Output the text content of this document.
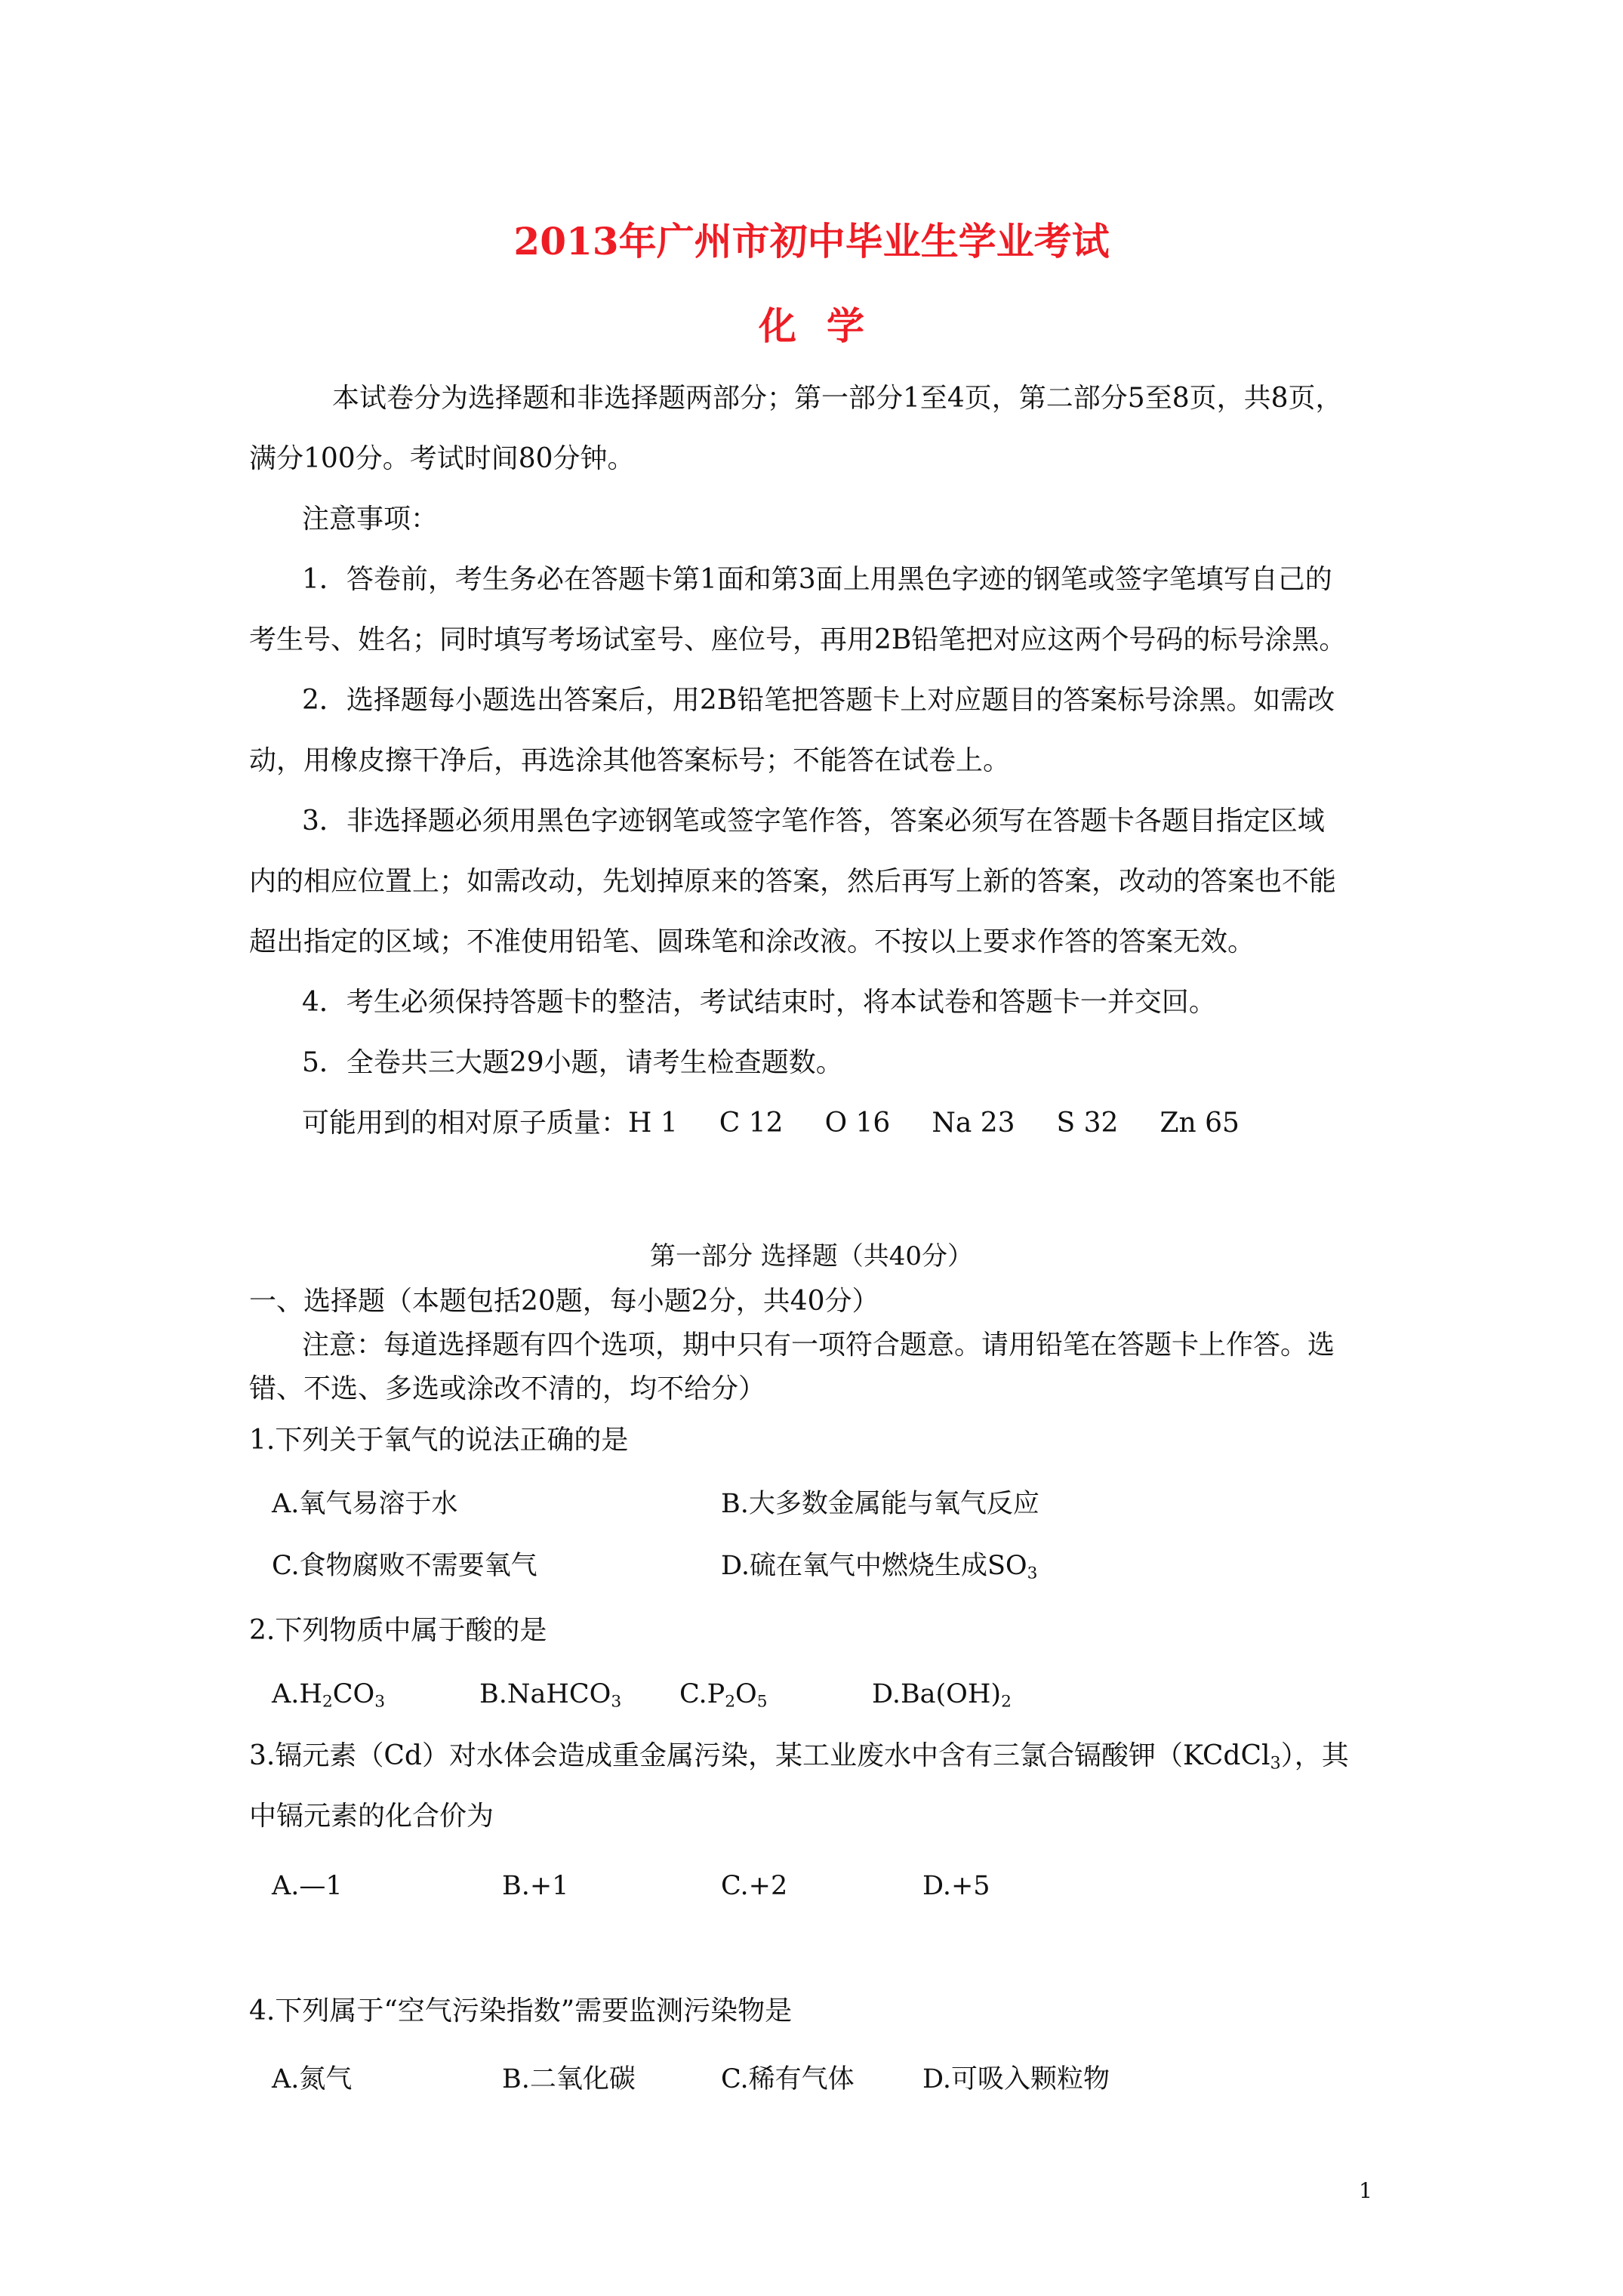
2013年广州市初中毕业生学业考试
化学
本试卷分为选择题和非选择题两部分；第一部分1至4页，第二部分5至8页，共8页，
满分100分。考试时间80分钟。
注意事项：
1．答卷前，考生务必在答题卡第1面和第3面上用黑色字迹的钢笔或签字笔填写自己的
考生号、姓名；同时填写考场试室号、座位号，再用2B铅笔把对应这两个号码的标号涂黑。
2．选择题每小题选出答案后，用2B铅笔把答题卡上对应题目的答案标号涂黑。如需改
动，用橡皮擦干净后，再选涂其他答案标号；不能答在试卷上。
3．非选择题必须用黑色字迹钢笔或签字笔作答，答案必须写在答题卡各题目指定区域
内的相应位置上；如需改动，先划掉原来的答案，然后再写上新的答案，改动的答案也不能
超出指定的区域；不准使用铅笔、圆珠笔和涂改液。不按以上要求作答的答案无效。
4．考生必须保持答题卡的整洁，考试结束时，将本试卷和答题卡一并交回。
5．全卷共三大题29小题，请考生检查题数。
可能用到的相对原子质量：H 1 C 12 O 16 Na 23 S 32 Zn 65
第一部分 选择题（共40分）
一、选择题（本题包括20题，每小题2分，共40分）
注意：每道选择题有四个选项，期中只有一项符合题意。请用铅笔在答题卡上作答。选
错、不选、多选或涂改不清的，均不给分）
1.下列关于氧气的说法正确的是
A.氧气易溶于水	B.大多数金属能与氧气反应
C.食物腐败不需要氧气	D.硫在氧气中燃烧生成$SO_3$
2.下列物质中属于酸的是
$A.H_2CO_3$	B.NaHCO$_3$ $C.P_2O_5$	$D.Ba(OH)_2$
3.镉元素（Cd）对水体会造成重金属污染，某工业废水中含有三氯合镉酸钾（KCdCl$_3$），其
中镉元素的化合价为
A.—1	B.+1	C.+2	D.+5
4.下列属于“空气污染指数”需要监测污染物是
A.氮气	B.二氧化碳	C.稀有气体	D.可吸入颗粒物
1
